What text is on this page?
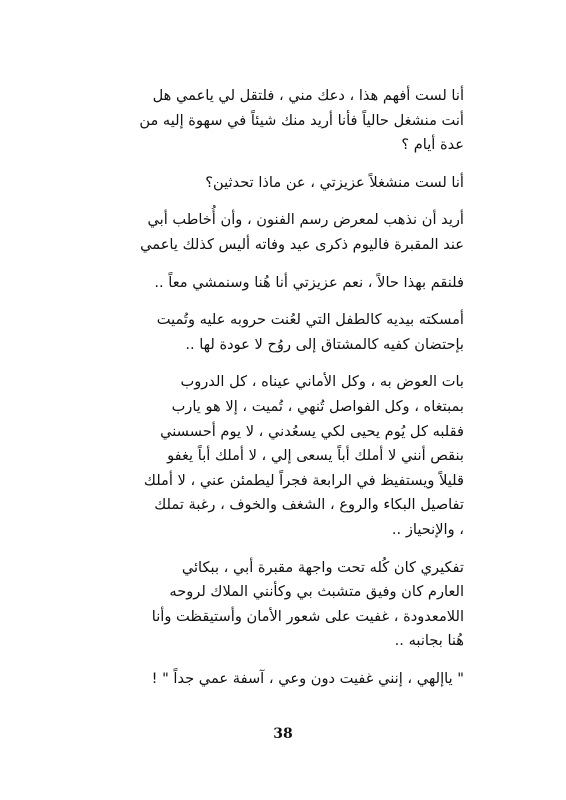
أنا لست أفهم هذا ، دعك مني ، فلتقل لي ياعمي هل
أنت منشغل حالياً فأنا أريد منك شيئاً في سهوة إليه من
عدة أيام ؟

أنا لست منشغلاً عزيزتي ، عن ماذا تحدثين؟

أريد أن نذهب لمعرض رسم الفنون ، وأن أُخاطب أبي
عند المقبرة فاليوم ذكرى عيد وفاته أليس كذلك ياعمي

فلنقم بهذا حالاً ، نعم عزيزتي أنا هُنا وسنمشي معاً ..

أمسكته بيديه كالطفل التي لعُنت حروبه عليه وتُميت
بإحتضان كفيه كالمشتاق إلى روُح لا عودة لها ..

بات العوض به ، وكل الأماني عيناه ، كل الدروب
بمبتغاه ، وكل الفواصل تُنهي ، تُميت ، إلا هو يارب
فقلبه كل يُوم يحيى لكي يسعُدني ، لا يوم أحسسني
بنقص أنني لا أملك أباً يسعى إلي ، لا أملك أباً يغفو
قليلاً ويستفيظ في الرابعة فجراً ليطمئن عني ، لا أملك
تفاصيل البكاء والروع ، الشغف والخوف ، رغبة تملك
، والإنحياز ..

تفكيري كان كُله تحت واجهة مقبرة أبي ، ببكائي
العارم كان وفيق متشبث بي وكأنني الملاك لروحه
اللامعدودة ، غفيت على شعور الأمان وأستيقظت وأنا
هُنا بجانبه ..

" ياإلهي ، إنني غفيت دون وعي ، آسفة عمي جداً " !

38
